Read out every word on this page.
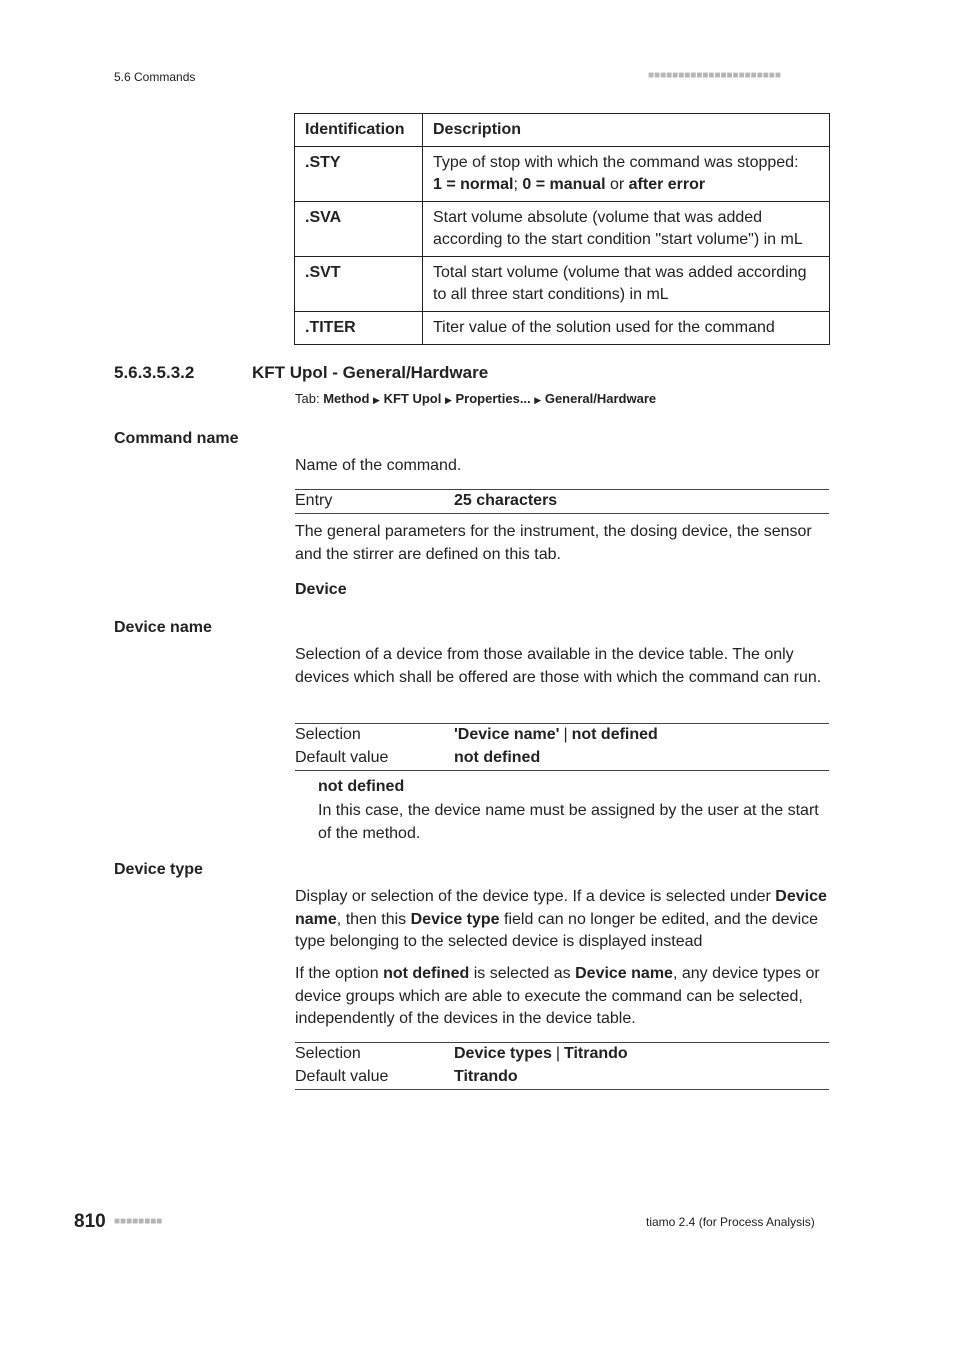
5.6 Commands	■■■■■■■■■■■■■■■■■■■■■■
Identification	Description
.STY	Type of stop with which the command was stopped:
1 = normal; 0 = manual or after error
.SVA	Start volume absolute (volume that was added according to the start condition "start volume") in mL
.SVT	Total start volume (volume that was added according to all three start conditions) in mL
.TITER	Titer value of the solution used for the command
5.6.3.5.3.2	KFT Upol - General/Hardware
Tab: Method ▶ KFT Upol ▶ Properties... ▶ General/Hardware
Command name
Name of the command.
Entry	25 characters
The general parameters for the instrument, the dosing device, the sensor and the stirrer are defined on this tab.
Device
Device name
Selection of a device from those available in the device table. The only devices which shall be offered are those with which the command can run.
Selection	'Device name' | not defined
Default value	not defined
not defined
In this case, the device name must be assigned by the user at the start of the method.
Device type
Display or selection of the device type. If a device is selected under Device name, then this Device type field can no longer be edited, and the device type belonging to the selected device is displayed instead
If the option not defined is selected as Device name, any device types or device groups which are able to execute the command can be selected, independently of the devices in the device table.
Selection	Device types | Titrando
Default value	Titrando
810 ■■■■■■■■	tiamo 2.4 (for Process Analysis)
